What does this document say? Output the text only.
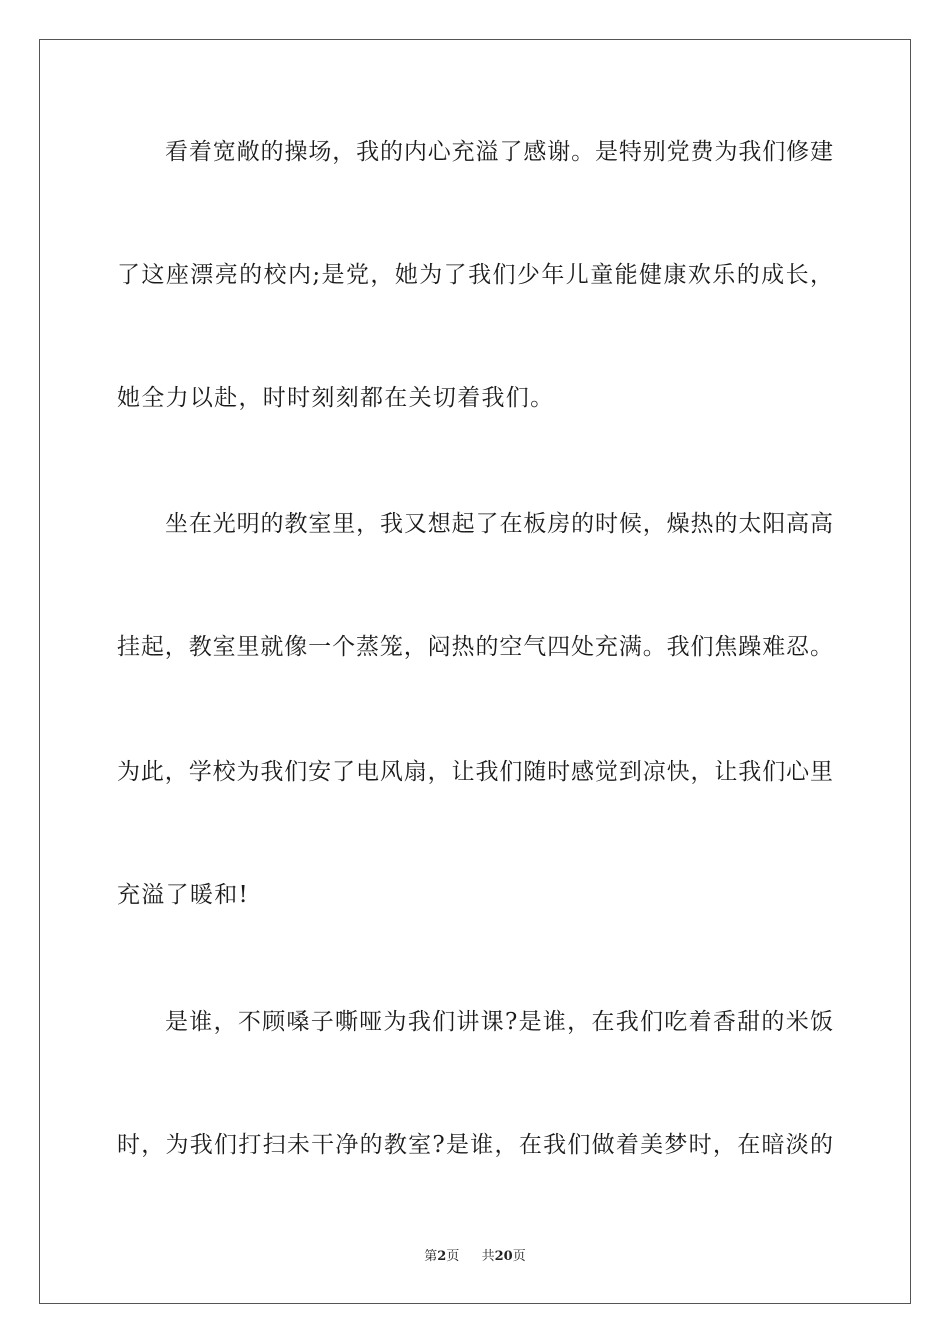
看着宽敞的操场，我的内心充溢了感谢。是特别党费为我们修建
了这座漂亮的校内;是党，她为了我们少年儿童能健康欢乐的成长，
她全力以赴，时时刻刻都在关切着我们。
坐在光明的教室里，我又想起了在板房的时候，燥热的太阳高高
挂起，教室里就像一个蒸笼，闷热的空气四处充满。我们焦躁难忍。
为此，学校为我们安了电风扇，让我们随时感觉到凉快，让我们心里
充溢了暖和!
是谁，不顾嗓子嘶哑为我们讲课?是谁，在我们吃着香甜的米饭
时，为我们打扫未干净的教室?是谁，在我们做着美梦时，在暗淡的
第2页 共20页
